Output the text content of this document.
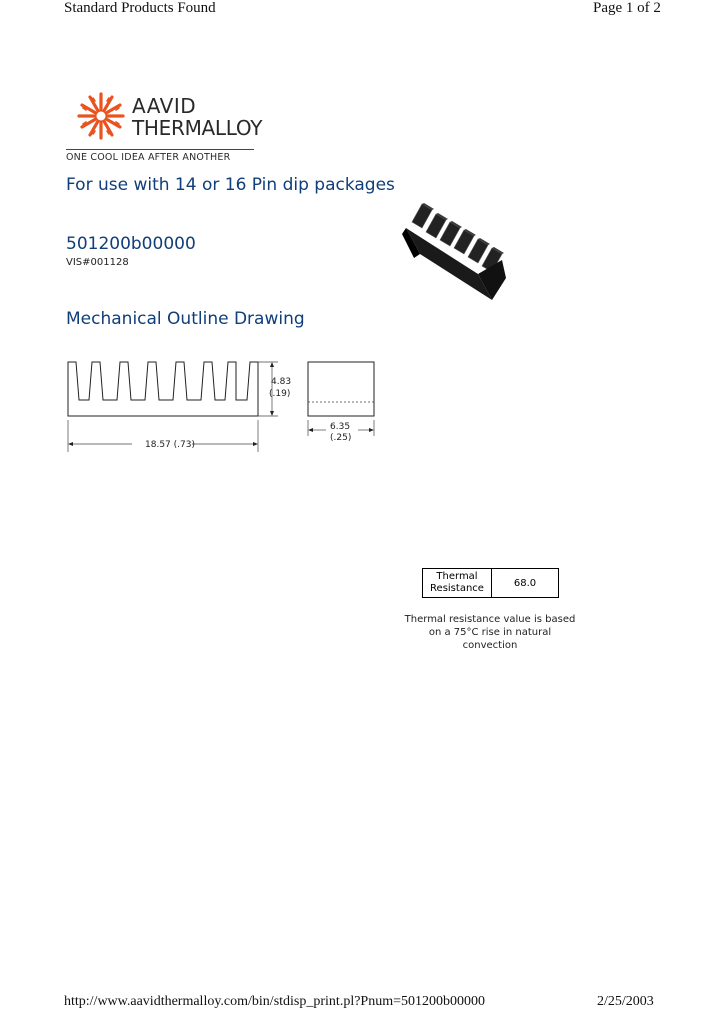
Standard Products Found	Page 1 of 2
AAVID
THERMALLOY
ONE COOL IDEA AFTER ANOTHER
For use with 14 or 16 Pin dip packages
501200b00000
VIS#001128
Mechanical Outline Drawing
4.83
(.19)
18.57 (.73)
6.35
(.25)
Thermal
Resistance	68.0
Thermal resistance value is based
on a 75°C rise in natural
convection
http://www.aavidthermalloy.com/bin/stdisp_print.pl?Pnum=501200b00000	2/25/2003
